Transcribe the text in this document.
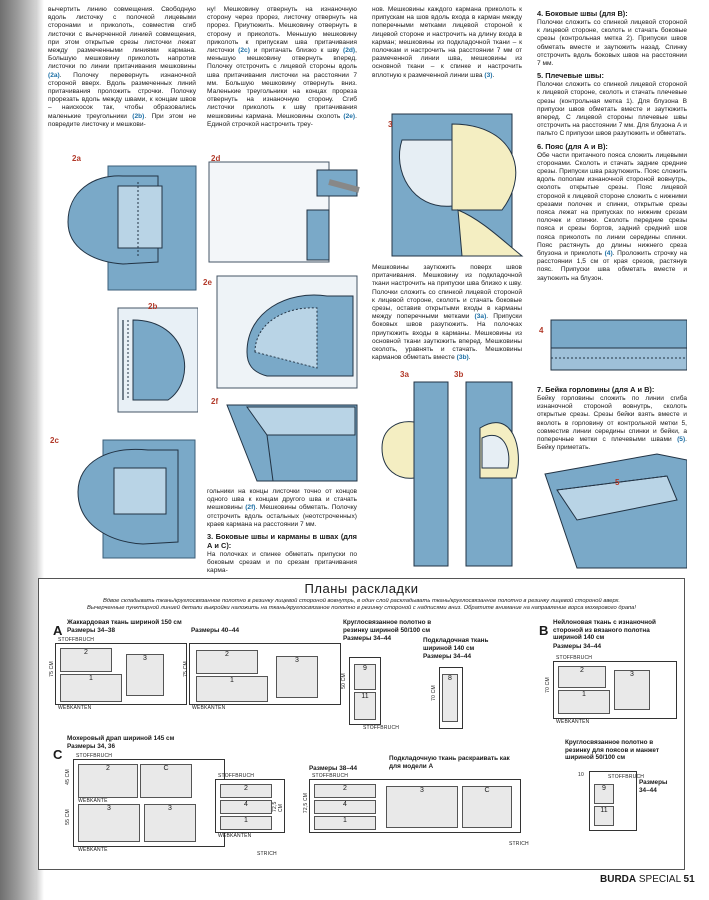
вычертить линию совмещения. Свободную вдоль листочку с полочкой лицевыми сторонами и приколоть, совместив сгиб листочки с вычерченной линией совмещения, при этом открытые срезы листочки лежат между размеченными линиями кармана. Большую мешковину приколоть напротив листочки по линии притачивания мешковины (2a). Полочку перевернуть изнаночной стороной вверх. Вдоль размеченных линий притачивания проложить строчки. Полочку прорезать вдоль между швами, к концам швов – наискосок так, чтобы образовались маленькие треугольники (2b). При этом не повредите листочку и мешкови-

ну! Мешковину отвернуть на изнаночную сторону через прорез, листочку отвернуть на прорез. Приутюжить. Мешковину отвернуть в сторону и приколоть. Меньшую мешковину приколоть к припускам шва притачивания листочки (2c) и притачать близко к шву (2d), меньшую мешковину отвернуть вперед. Полочку отстрочить с лицевой стороны вдоль шва притачивания листочки на расстоянии 7 мм. Большую мешковину отвернуть вниз. Маленькие треугольники на концах прореза отвернуть на изнаночную сторону. Сгиб листочки приколоть к шву притачивания мешковины кармана. Мешковины сколоть (2e). Единой строчкой настрочить треу-

нов. Мешковины каждого кармана приколоть к припускам на шов вдоль входа в карман между поперечными метками лицевой стороной к лицевой стороне и настрочить на длину входа в карман; мешковины из подкладочной ткани – к полочкам и настрочить на расстоянии 7 мм от размеченной линии шва, мешковины из основной ткани – к спинке и настрочить вплотную к размеченной линии шва (3).

4. Боковые швы (для В):

Полочки сложить со спинкой лицевой стороной к лицевой стороне, сколоть и стачать боковые срезы (контрольная метка 2). Припуски швов обметать вместе и заутюжить назад. Спинку отстрочить вдоль боковых швов на расстоянии 7 мм.

5. Плечевые швы:

Полочки сложить со спинкой лицевой стороной к лицевой стороне, сколоть и стачать плечевые срезы (контрольная метка 1). Для блузона В припуски швов обметать вместе и заутюжить вперед. С лицевой стороны плечевые швы отстрочить на расстоянии 7 мм. Для блузона А и пальто С припуски швов разутюжить и обметать.

6. Пояс (для А и В):

Обе части притачного пояса сложить лицевыми сторонами. Сколоть и стачать задние средние срезы. Припуски шва разутюжить. Пояс сложить вдоль пополам изнаночной стороной вовнутрь, сколоть открытые срезы. Пояс лицевой стороной к лицевой стороне сложить с нижними срезами полочек и спинки, открытые срезы пояса лежат на припусках по нижним срезам полочек и спинки. Сколоть передние срезы пояса и срезы бортов, задний средний шов пояса приколоть по линии середины спинки. Пояс растянуть до длины нижнего среза блузона и приколоть (4). Проложить строчку на расстоянии 1,5 см от края срезов, растянув пояс. Припуски шва обметать вместе и заутюжить на блузон.

2a
2b
2c
2d
2e
2f

гольники на концы листочки точно от концов одного шва к концам другого шва и стачать мешковины (2f). Мешковины обметать. Полочку отстрочить вдоль остальных (неотстроченных) краев кармана на расстоянии 7 мм.

3. Боковые швы и карманы в швах (для А и С):

На полочках и спинке обметать припуски по боковым срезам и по срезам притачивания карма-

3

Мешковины заутюжить поверх швов притачивания. Мешковину из подкладочной ткани настрочить на припуски шва близко к шву. Полочки сложить со спинкой лицевой стороной к лицевой стороне, сколоть и стачать боковые срезы, оставив открытыми входы в карманы между поперечными метками (3a). Припуски боковых швов разутюжить. На полочках приутюжить входы в карманы. Мешковины из основной ткани заутюжить вперед. Мешковины сколоть, уравнять и стачать. Мешковины карманов обметать вместе (3b).

3a	3b
4
7. Бейка горловины (для А и В):

Бейку горловины сложить по линии сгиба изнаночной стороной вовнутрь, сколоть открытые срезы. Срезы бейки взять вместе и вколоть в горловину от контрольной метки 5, совместив линии середины спинки и бейки, а поперечные метки с плечевыми швами (5). Бейку приметать.

5
Планы раскладки
Вдвое складывать ткань/круглосвязанное полотно в резинку лицевой стороной вовнутрь, в один слой раскладывать ткань/круглосвязанное полотно в резинку лицевой стороной вверх.
Вычерченные пунктирной линией детали выкройки наложить на ткань/круглосвязаное полотно в резинку стороной с надписями вниз. Обратите внимание на направление ворса мохерового драпа!
A
Жаккардовая ткань шириной 150 см
Размеры 34–38	Размеры 40–44
STOFFBRUCH
75 CM
2
1
3
WEBKANTEN
75 CM
2
1
3
WEBKANTEN
Круглосвязанное полотно в резинку шириной 50/100 см
Размеры 34–44
50 CM
9
11
STOFFBRUCH
Подкладочная ткань шириной 140 см
Размеры 34–44
70 CM
8
B
Нейлоновая ткань с изнаночной стороной из вязаного полотна шириной 140 см
Размеры 34–44
STOFFBRUCH
70 CM
2
1
3
WEBKANTEN
Круглосвязанное полотно в резинку для поясов и манжет шириной 50/100 см
10	STOFFBRUCH
9
11
Размеры 34–44
C
Мохеровый драп шириной 145 см
Размеры 34, 36
STOFFBRUCH
45 CM
55 CM
2	C
3	3
WEBKANTE
WEBKANTE
STOFFBRUCH
72,5 CM
2
4
1
WEBKANTEN
Размеры 38–44
STOFFBRUCH
72,5 CM
2
4
1
3	C
STRICH
STRICH
Подкладочную ткань раскраивать как для модели А
BURDA SPECIAL 51
